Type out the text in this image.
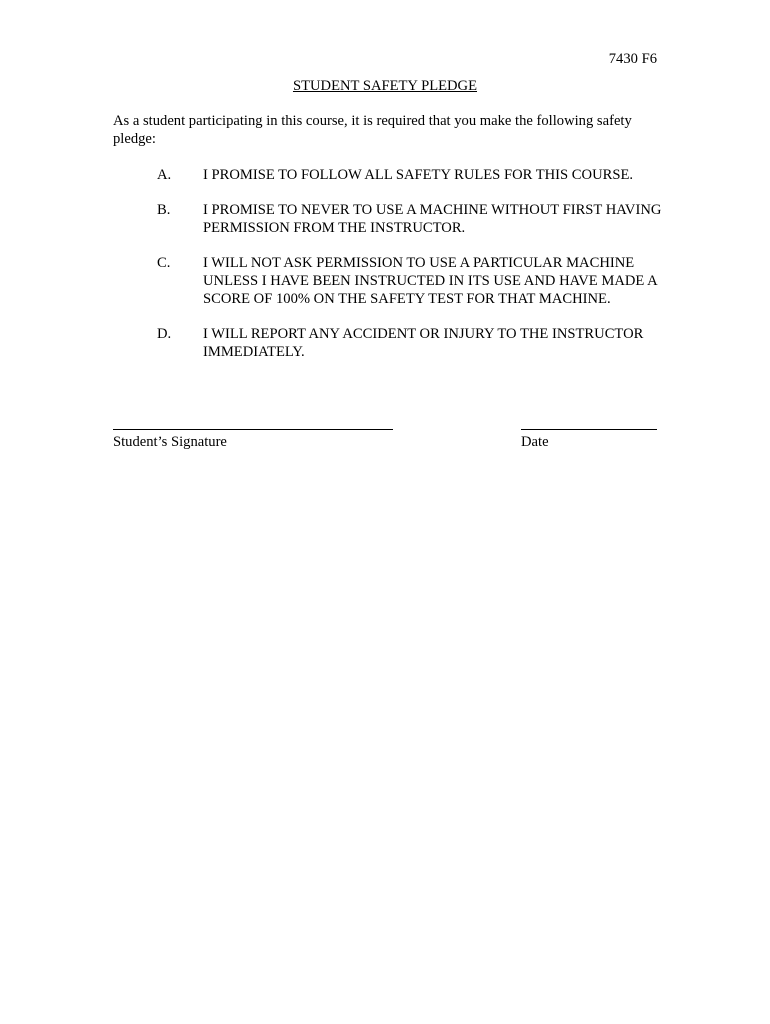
7430 F6

STUDENT SAFETY PLEDGE

As a student participating in this course, it is required that you make the following safety pledge:

A.	I PROMISE TO FOLLOW ALL SAFETY RULES FOR THIS COURSE.
B.	I PROMISE TO NEVER TO USE A MACHINE WITHOUT FIRST HAVING PERMISSION FROM THE INSTRUCTOR.
C.	I WILL NOT ASK PERMISSION TO USE A PARTICULAR MACHINE UNLESS I HAVE BEEN INSTRUCTED IN ITS USE AND HAVE MADE A SCORE OF 100% ON THE SAFETY TEST FOR THAT MACHINE.
D.	I WILL REPORT ANY ACCIDENT OR INJURY TO THE INSTRUCTOR IMMEDIATELY.
Student’s Signature	Date
